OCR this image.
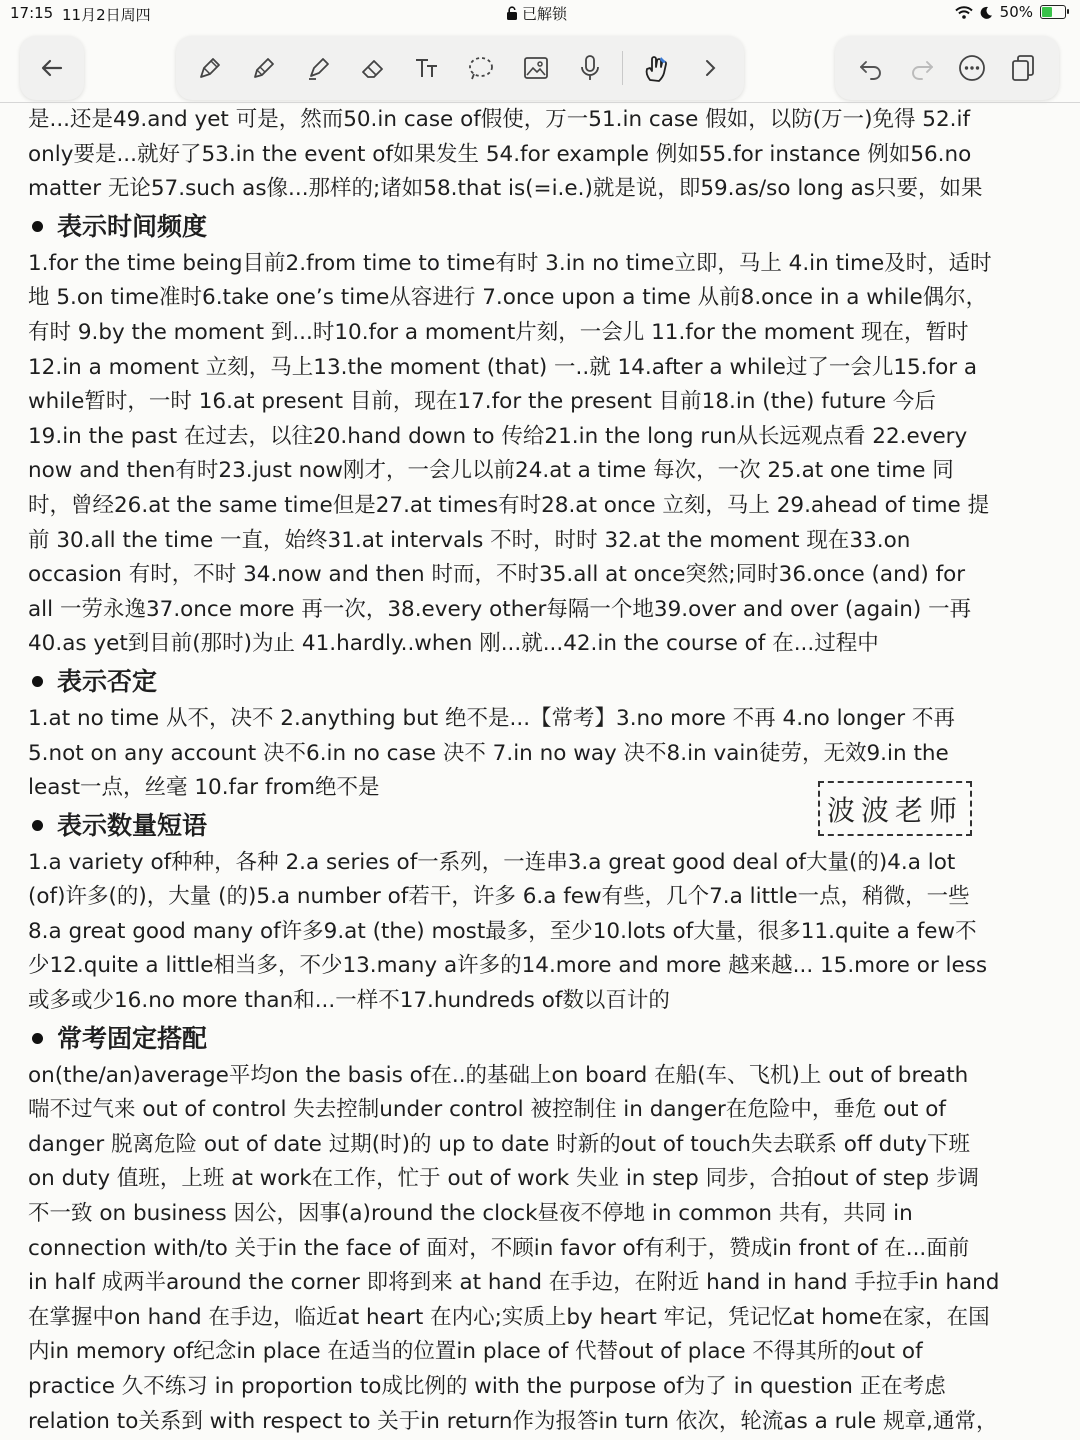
17:15 11月2日周四	已解锁	50%
是...还是49.and yet 可是，然而50.in case of假使，万一51.in case 假如，以防(万一)免得 52.if
only要是...就好了53.in the event of如果发生 54.for example 例如55.for instance 例如56.no
matter 无论57.such as像...那样的;诸如58.that is(=i.e.)就是说，即59.as/so long as只要，如果
表示时间频度
1.for the time being目前2.from time to time有时 3.in no time立即，马上 4.in time及时，适时
地 5.on time准时6.take one’s time从容进行 7.once upon a time 从前8.once in a while偶尔，
有时 9.by the moment 到...时10.for a moment片刻，一会儿 11.for the moment 现在，暂时
12.in a moment 立刻，马上13.the moment (that) 一..就 14.after a while过了一会儿15.for a
while暂时，一时 16.at present 目前，现在17.for the present 目前18.in (the) future 今后
19.in the past 在过去，以往20.hand down to 传给21.in the long run从长远观点看 22.every
now and then有时23.just now刚才，一会儿以前24.at a time 每次，一次 25.at one time 同
时，曾经26.at the same time但是27.at times有时28.at once 立刻，马上 29.ahead of time 提
前 30.all the time 一直，始终31.at intervals 不时，时时 32.at the moment 现在33.on
occasion 有时，不时 34.now and then 时而，不时35.all at once突然;同时36.once (and) for
all 一劳永逸37.once more 再一次，38.every other每隔一个地39.over and over (again) 一再
40.as yet到目前(那时)为止 41.hardly..when 刚...就...42.in the course of 在...过程中
表示否定
1.at no time 从不，决不 2.anything but 绝不是...【常考】3.no more 不再 4.no longer 不再
5.not on any account 决不6.in no case 决不 7.in no way 决不8.in vain徒劳，无效9.in the
least一点，丝毫 10.far from绝不是
表示数量短语
1.a variety of种种，各种 2.a series of一系列，一连串3.a great good deal of大量(的)4.a lot
(of)许多(的)，大量 (的)5.a number of若干，许多 6.a few有些，几个7.a little一点，稍微，一些
8.a great good many of许多9.at (the) most最多，至少10.lots of大量，很多11.quite a few不
少12.quite a little相当多，不少13.many a许多的14.more and more 越来越... 15.more or less
或多或少16.no more than和...一样不17.hundreds of数以百计的
常考固定搭配
on(the/an)average平均on the basis of在..的基础上on board 在船(车、飞机)上 out of breath
喘不过气来 out of control 失去控制under control 被控制住 in danger在危险中，垂危 out of
danger 脱离危险 out of date 过期(时)的 up to date 时新的out of touch失去联系 off duty下班
on duty 值班，上班 at work在工作，忙于 out of work 失业 in step 同步，合拍out of step 步调
不一致 on business 因公，因事(a)round the clock昼夜不停地 in common 共有，共同 in
connection with/to 关于in the face of 面对，不顾in favor of有利于，赞成in front of 在...面前
in half 成两半around the corner 即将到来 at hand 在手边，在附近 hand in hand 手拉手in hand
在掌握中on hand 在手边，临近at heart 在内心;实质上by heart 牢记，凭记忆at home在家，在国
内in memory of纪念in place 在适当的位置in place of 代替out of place 不得其所的out of
practice 久不练习 in proportion to成比例的 with the purpose of为了 in question 正在考虑
relation to关系到 with respect to 关于in return作为报答in turn 依次，轮流as a rule 规章,通常，
波波老师
